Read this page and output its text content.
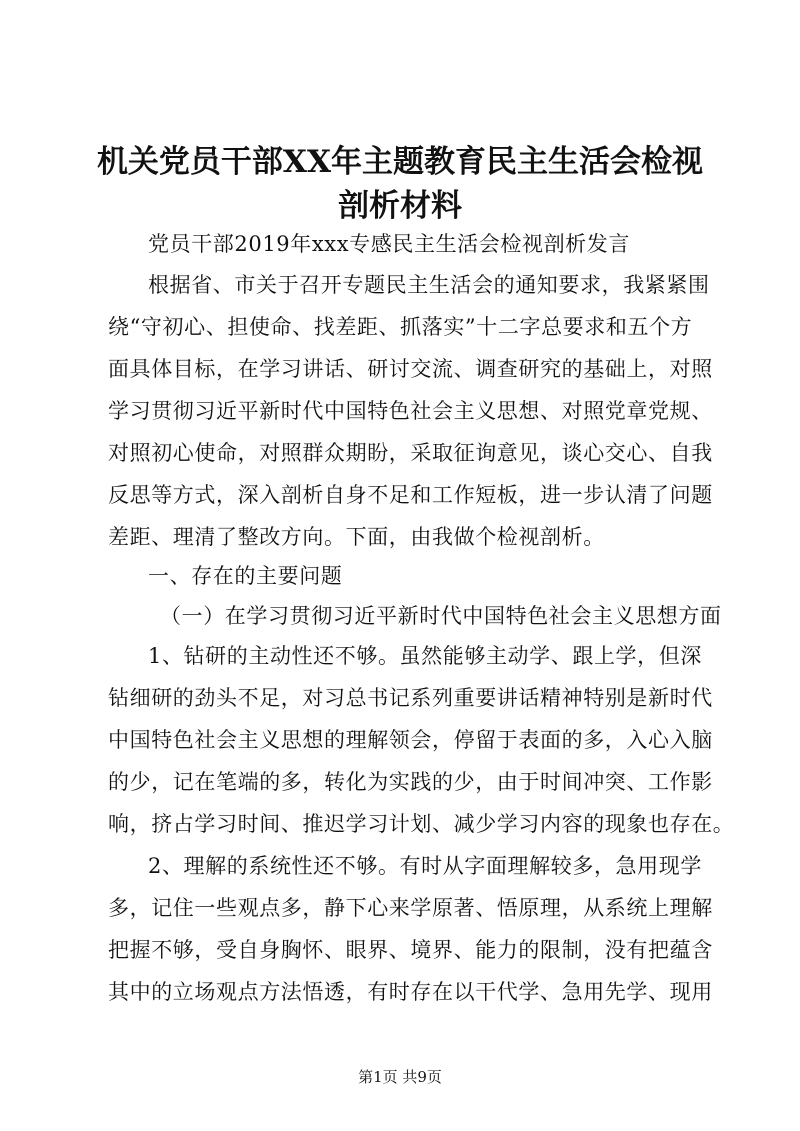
机关党员干部XX年主题教育民主生活会检视
剖析材料

党员干部2019年xxx专感民主生活会检视剖析发言

根据省、市关于召开专题民主生活会的通知要求，我紧紧围

绕“守初心、担使命、找差距、抓落实”十二字总要求和五个方

面具体目标，在学习讲话、研讨交流、调查研究的基础上，对照

学习贯彻习近平新时代中国特色社会主义思想、对照党章党规、

对照初心使命，对照群众期盼，采取征询意见，谈心交心、自我

反思等方式，深入剖析自身不足和工作短板，进一步认清了问题

差距、理清了整改方向。下面，由我做个检视剖析。

一、存在的主要问题

（一）在学习贯彻习近平新时代中国特色社会主义思想方面

1、钻研的主动性还不够。虽然能够主动学、跟上学，但深

钻细研的劲头不足，对习总书记系列重要讲话精神特别是新时代

中国特色社会主义思想的理解领会，停留于表面的多，入心入脑

的少，记在笔端的多，转化为实践的少，由于时间冲突、工作影

响，挤占学习时间、推迟学习计划、减少学习内容的现象也存在。

2、理解的系统性还不够。有时从字面理解较多，急用现学

多，记住一些观点多，静下心来学原著、悟原理，从系统上理解

把握不够，受自身胸怀、眼界、境界、能力的限制，没有把蕴含

其中的立场观点方法悟透，有时存在以干代学、急用先学、现用

第1页 共9页
